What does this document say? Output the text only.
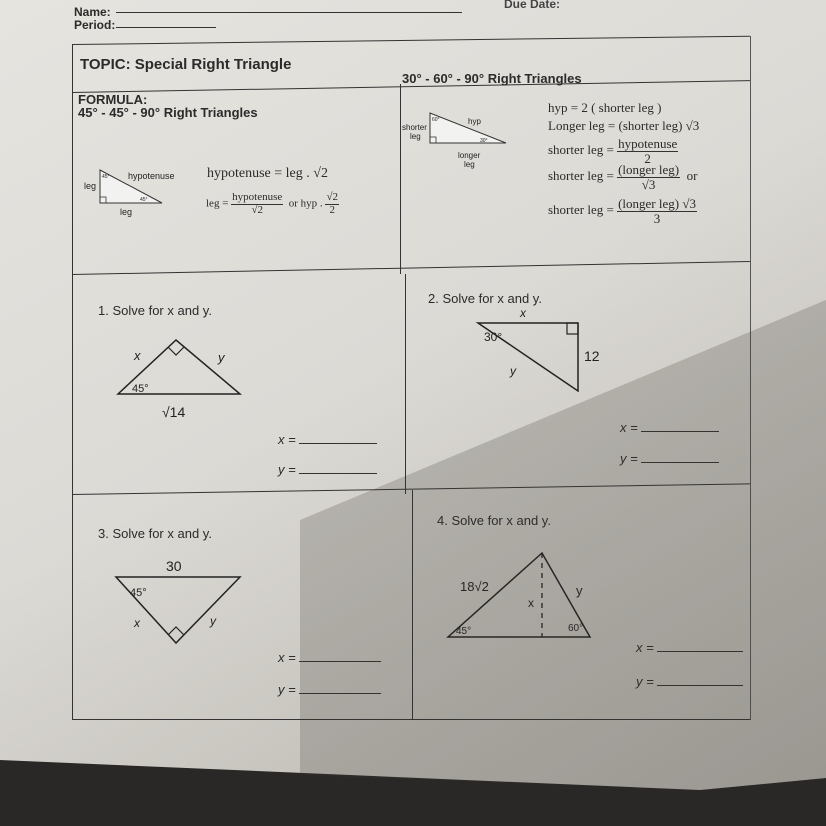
Name:
Period:
Due Date:
TOPIC: Special Right Triangle
FORMULA:
45° - 45° - 90° Right Triangles
45°
45°
hypotenuse
leg
leg
hypotenuse = leg . √2
leg = $\frac{\text{hypotenuse}}{√2}$ or hyp . $\frac{√2}{2}$
30° - 60° - 90° Right Triangles
60°
30°
hyp
shorter
leg
longer
leg
hyp = 2 ( shorter leg )
Longer leg = (shorter leg) √3
shorter leg = $\frac{\text{hypotenuse}}{2}$
shorter leg = $\frac{\text{(longer leg)}}{√3}$ or
shorter leg = $\frac{\text{(longer leg) √3}}{3}$
1. Solve for x and y.
x	y
45°
√14
x =
y =
2. Solve for x and y.
x
30°
12
y
x =
y =
3. Solve for x and y.
30
45°
x	y
x =
y =
4. Solve for x and y.
18√2
x
y
45°	60°
x =
y =
